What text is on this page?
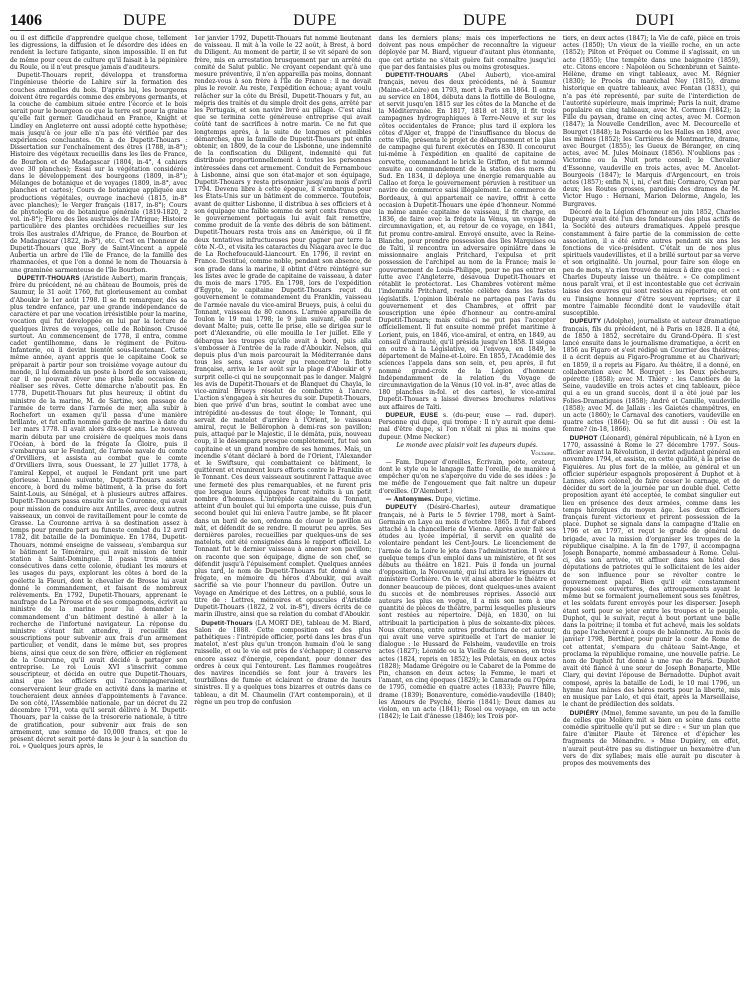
1406	DUPE	DUPE	DUPE	DUPI

ou il est difficile d'apprendre quelque chose, tellement les digressions, la diffusion et le désordre des idées en rendent la lecture fatigante, sinon impossible. Il en fut de même pour ceux de culture qu'il faisait à la pépinière du Roule, ou il n'eut presque jamais d'auditeurs.

Dupetit-Thouars reprit, développa et transforma l'ingénieuse théorie de Lahire sur la formation des couches annuelles du bois. D'après lui, les bourgeons doivent être regardés comme des embryons germants, et la couche de cambium située entre l'écorce et le bois serait pour le bourgeon ce que la terre est pour la graine qu'elle fait germer. Gaudichaud en France, Knight et Lindley en Angleterre ont aussi adopté cette hypothèse; mais jusqu'à ce jour elle n'a pas été vérifiée par des expériences concluantes. On a de Dupetit-Thouars : Dissertation sur l'enchaînement des êtres (1788, in-8°); Histoire des végétaux recueillis dans les îles de France, de Bourbon et de Madagascar (1804, in-4°, 4 cahiers avec 30 planches); Essai sur la végétation considérée dans le développement des bourgeons (1809, in-8°); Mélanges de botanique et de voyages (1809, in-8°, avec planches et cartes); Cours de botanique appliquée aux productions végétales, ouvrage inachevé (1815, in-8° avec planches); le Verger français (1817, in-8°); Cours de phytologie ou de botanique générale (1819-1820, 2 vol. in-8°); Flore des îles australes de l'Afrique; Histoire particulière des plantes orchidées recueillies sur les trois îles australes d'Afrique, de France, de Bourbon et de Madagascar (1822, in-8°), etc. C'est en l'honneur de Dupetit-Thouars que Bory de Saint-Vincent a appelé Aubertia un arbre de l'île de France, de la famille des rhamnacées, et que l'on a donné le nom de Thouarsia à une graminée sarmenteuse de l'île Bourbon.

DUPETIT-THOUARS (Aristide Aubert), marin français, frère du précédent, né au château de Boumois, près de Saumur, le 31 août 1760, fut glorieusement au combat d'Aboukir le 1er août 1798. Il se fit remarquer, dès sa plus tendre enfance, par une grande indépendance de caractère et par une vocation irrésistible pour la marine, vocation qui fut développée en lui par la lecture de quelques livres de voyages, celle de Robinson Crusoé surtout. Au commencement de 1778, il entra, comme cadet gentilhomme, dans le régiment de Poitou-Infanterie, où il devint bientôt sous-lieutenant. Cette même année, ayant appris que le capitaine Cook se préparait à partir pour son troisième voyage autour du monde, il lui demanda un poste à bord de son vaisseau, car il ne pouvait rêver une plus belle occasion de réaliser ses rêves. Cette démarche n'aboutit pas. En 1778, Dupetit-Thouars fut plus heureux; il obtint du ministre de la marine, M. de Sartine, son passage de l'armée de terre dans l'armée de mer, alla subir à Rochefort un examen qu'il passa d'une manière brillante, et fut enfin nommé garde de marine à date du 1er mars 1778. Il avait alors dix-sept ans. Le nouveau marin débuta par une croisière de quelques mois dans l'Océan, à bord de la frégate la Gloire, puis il s'embarqua sur le Fendant, de l'armée navale du comte d'Orvilliers, et assista au combat que le comte d'Orvilliers livra, sous Ouessant, le 27 juillet 1778, à l'amiral Keppel, et auquel le Fendant prit une part glorieuse. L'année suivante, Dupetit-Thouars assista encore, à bord du même bâtiment, à la prise du fort Saint-Louis, au Sénégal, et à plusieurs autres affaires. Dupetit-Thouars passa ensuite sur la Couronne, qui avait pour mission de conduire aux Antilles, avec deux autres vaisseaux, un convoi de ravitaillement pour le comte de Grasse. La Couronne arriva à sa destination assez à temps pour prendre part au funeste combat du 12 avril 1782, dit bataille de la Dominique. En 1784, Dupetit-Thouars, nommé enseigne de vaisseau, s'embarqua sur le bâtiment le Téméraire, qui avait mission de tenir station à Saint-Domingue. Il passa trois années consécutives dans cette colonie, étudiant les mœurs et les usages du pays, explorant les côtes à bord de la goélette la Fleuri, dont le chevalier de Brosse lui avait donné le commandement, et faisant de nombreux relèvements. En 1792, Dupetit-Thouars, apprenant le naufrage de La Pérouse et de ses compagnons, écrivit au ministre de la marine pour lui demander le commandement d'un bâtiment destiné à aller à la recherche de l'infortuné navigateur. La réponse du ministre s'étant fait attendre, il recueillit des souscriptions pour subvenir aux frais d'un armement particulier, et vendit, dans le même but, ses propres biens, ainsi que ceux de son frère, officier en réglement de la Couronne, qu'il avait décidé à partager son entreprise. Le roi Louis XVI s'inscrivit comme souscripteur, et décida en outre que Dupetit-Thouars, ainsi que les officiers qui l'accompagneraient, conserveraient leur grade en activité dans la marine et toucheraient deux années d'appointements à l'avance. De son côté, l'Assemblée nationale, par un décret du 22 décembre 1791, vota qu'il serait délivré à M. Dupetit-Thouars, par la caisse de la trésorerie nationale, à titre de gratification, pour subvenir aux frais de son armement, une somme de 10,000 francs, et que le présent décret serait porté dans le jour à la sanction du roi. » Quelques jours après, le

1er janvier 1792, Dupetit-Thouars fut nommé lieutenant de vaisseau. Il mit à la voile le 22 août, à Brest, à bord du Diligent. Au moment de partir, il se vit séparé de son frère, mis en arrestation brusquement par un arrêté du comité de Salut public. Ne croyant cependant qu'à une mesure préventive, il n'en appareilla pas moins, donnant rendez-vous à son frère à l'île de France : il ne devait plus le revoir. Au reste, l'expédition échoua; ayant voulu relâcher sur la côte du Brésil, Dupetit-Thouars y fut, au mépris des traités et du simple droit des gens, arrêté par les Portugais, et son navire livré au pillage. C'est ainsi que se termina cette généreuse entreprise qui avait coûté tant de sacrifices à notre marin. Ce ne fut que longtemps après, à la suite de longues et pénibles démarches, que la famille de Dupetit-Thouars put enfin obtenir, en 1809, de la cour de Lisbonne, une indemnité de la confiscation du Diligent, indemnité qui fut distribuée proportionnellement à toutes les personnes intéressées dans cet armement. Conduit de Fernambouc à Lisbonne, ainsi que son état-major et son équipage, Dupetit-Thouars y resta prisonnier jusqu'au mois d'avril 1794. Devenu libre à cette époque, il s'embarqua pour les États-Unis sur un bâtiment de commerce. Toutefois, avant de quitter Lisbonne, il distribua à ses officiers et à son équipage une faible somme de sept cents francs que le gouvernement portugais lui avait fait remettre, comme produit de la vente des débris de son bâtiment. Dupetit-Thouars resta trois ans en Amérique, où il fit deux tentatives infructueuses pour gagner par terre la côte N.-O., et visita les cataractes du Niagara avec le duc de La Rochefoucauld-Liancourt. En 1796, il revint en France. Destitué, comme noble, pendant son absence, de son grade dans la marine, il obtint d'être réintégré sur les listes avec le grade de capitaine de vaisseau, à dater du mois de mars 1795. En 1798, lors de l'expédition d'Égypte, le capitaine Dupetit-Thouars reçut du gouvernement le commandement du Franklin, vaisseau de l'armée navale du vice-amiral Brueys, puis, à celui du Tonnant, vaisseau de 80 canons. L'armée appareilla de Toulon le 19 mai 1798; le 9 juin suivant, elle parut devant Malte; puis, cette île prise, elle se dirigea sur le port d'Alexandrie, où elle mouilla le 1er juillet. Elle y débarqua les troupes qu'elle avait à bord, puis alla s'embosser à l'entrée de la rade d'Aboukir. Nelson, qui depuis plus d'un mois parcourait la Méditerranée dans tous les sens, sans avoir pu rencontrer la flotte française, arriva le 1er août sur la plage d'Aboukir et y surprit celle-ci qui ne soupçonnait pas le danger. Malgré les avis de Dupetit-Thouars et de Blanquet du Chayla, le vice-amiral Brueys résolut de combattre à l'ancre. L'action s'engagea à six heures du soir. Dupetit-Thouars, bien que privé d'un bras, soutint le combat avec une intrépidité au-dessus de tout éloge; le Tonnant, qui servait de matelot d'arrière à l'Orient, le vaisseau amiral, reçut le Bellérophon à demi-ras son pavillon; puis, attaqué par le Majestic, il le démâta, puis, nouveau coup, il le désempara presque complètement, fut tué son capitaine et un grand nombre de ses hommes. Mais, un incendie s'étant déclaré à bord de l'Orient, l'Alexander et le Swiftsure, qui combattaient ce bâtiment, le quittèrent et réunirent leurs efforts contre le Franklin et le Tonnant. Ces deux vaisseaux soutinrent l'attaque avec une fermeté des plus remarquables, et ne furent pris que lorsque leurs équipages furent réduits à un petit nombre d'hommes. L'intrépide capitaine du Tonnant, atteint d'un boulet qui lui emporta une cuisse, puis d'un second boulet qui lui enleva l'autre jambe, se fit placer dans un baril de son, ordonna de clouer le pavillon au mât, et défendit de se rendre. Il mourut peu après. Ses dernières paroles, recueillies par quelques-uns de ses matelots, ont été consignées dans le rapport officiel. Le Tonnant fut le dernier vaisseau à amener son pavillon; on raconte que son équipage, digne de son chef, se défendit jusqu'à l'épuisement complet. Quelques années plus tard, le nom de Dupetit-Thouars fut donné à une frégate, en mémoire du héros d'Aboukir, qui avait sacrifié sa vie pour l'honneur du pavillon. Outre un Voyage en Amérique et des Lettres, on a publié, sous le titre de : Lettres, mémoires et opuscules d'Aristide Dupetit-Thouars (1822, 2 vol. in-8°), divers écrits de ce marin illustre, ainsi que sa relation du combat d'Aboukir.

Dupetit-Thouars (LA MORT DE), tableau de M. Biard, Salon de 1888. Cette composition est des plus pathétiques : l'intrépide officier, porté dans les bras d'un matelot, n'est plus qu'un tronçon humain d'où le sang ruisselle, et ou le vie est près de s'échapper; il conserve encore assez d'énergie, cependant, pour donner des ordres à ceux qui l'entourent. Les flammes rougeâtres des navires incendiés se font jour à travers les tourbillons de fumée et éclairent ce drame de lueurs sinistres. Il y a quelques tons bizarres et outrés dans ce tableau, a dit M. Chaumelin (l'Art contemporain), et il règne un peu trop de confusion

dans les derniers plans; mais ces imperfections ne doivent pas nous empêcher de reconnaître la vigueur déployée par M. Biard, vigueur d'autant plus étonnante, que cet artiste ne s'était guère fait connaître jusqu'ici que par des fantaisies plus ou moins grotesques.

DUPETIT-THOUARS (Abel Aubert), vice-amiral français, neveu des deux précédents, né à Saumur (Maine-et-Loire) en 1793, mort à Paris en 1864. Il entra au service en 1804, débuta dans la flottille de Boulogne, et servit jusqu'en 1815 sur les côtes de la Manche et de la Méditerranée. En 1817, 1818 et 1819, il fit trois campagnes hydrographiques à Terre-Neuve et sur les côtes occidentales de France; plus tard il explora les côtes d'Alger et, frappé de l'insuffisance du blocus de cette ville, présenta le projet de débarquement et le plan de campagne qui furent exécutés en 1830. Il concourut lui-même à l'expédition en qualité de capitaine de corvette, commandant le brick le Griffon, et fut nommé ensuite au commandement de la station des mers du Sud. En 1834, il déploya une énergie remarquable au Callao et força le gouvernement péruvien à restituer un navire de commerce saisi illégalement. Le commerce de Bordeaux, à qui appartenait ce navire, offrit à cette occasion à Dupetit-Thouars une épée d'honneur. Nommé la même année capitaine de vaisseau, il fit charge, en 1836, de faire avec la frégate la Vénus, un voyage de circumnavigation, et, au retour de ce voyage, en 1841, fut promu contre-amiral. Envoyé ensuite, avec la Reine-Blanche, pour prendre possession des îles Marquises ou de Taïti, il rencontra un adversaire opiniâtre dans le missionnaire anglais Pritchard, l'expulsa et prit possession de l'archipel au nom de la France; mais le gouvernement de Louis-Philippe, pour ne pas entrer en lutte avec l'Angleterre, désavoua Dupetit-Thouars et rétablit le protectorat. Les Chambres votèrent même l'indemnité Pritchard, restée célèbre dans les fastes législatifs. L'opinion libérale ne partagea pas l'avis du gouvernement et des Chambres, et offrit par souscription une épée d'honneur au contre-amiral Dupetit-Thouars; mais celui-ci ne put pas l'accepter officiellement. Il fut ensuite nommé préfet maritime à Lorient, puis, en 1846, vice-amiral, et entra, en 1849, au conseil d'amirauté, qu'il présida jusqu'en 1858. Il siégea en outre à la Législative, où l'envoya, en 1849, le département de Maine-et-Loire. En 1855, l'Académie des sciences l'appela dans son sein, et, peu après, il fut nommé grand-croix de la Légion d'honneur. Indépendamment de la relation du Voyage de circumnavigation de la Vénus (10 vol. in-8°, avec atlas de 180 planches in-fol. et des cartes), le vice-amiral Dupetit-Thouars a laissé diverses brochures relatives aux affaires de Taïti.

DUPEUR, EUSE s. (du-peur, euse — rad. duper). Personne qui dupe, qui trompe : Il n'y aurait que demi-mal d'être dupe, si l'on n'était ni plus ni moins que dupeur. (Mme Necker.)

Le monde avec plaisir voit les dupeurs dupés.

Voltaire.

— Fam. Dupeur d'oreilles, Écrivain, poète, orateur, dont le style ou le langage flatte l'oreille, de manière à empêcher qu'on ne s'aperçoive du vide de ses idées : Je me méfie de l'engouement que fait naître un dupeur d'oreilles. (D'Alembert.)

— Antonymes. Dupe, victime.

DUPEUTY (Désiré-Charles), auteur dramatique français, né à Paris le 5 février 1798, mort à Saint-Germain en Laye au mois d'octobre 1865. Il fut d'abord attaché à la chancellerie de Vienne. Après avoir fait ses études au lycée impérial, il servit en qualité de volontaire pendant les Cent-Jours. Le licenciement de l'armée de la Loire le jeta dans l'administration. Il vécut quelque temps d'un emploi dans un ministère, et fit ses débuts au théâtre en 1821. Puis il fonda un journal d'opposition, la Nouveauté, qui lui attira les rigueurs du ministère Corbière. On le vit ainsi aborder le théâtre et donner beaucoup de pièces, dont quelques-unes avaient du succès et de nombreuses reprises. Associé aux auteurs les plus en vogue, il a mis son nom à une quantité de pièces de théâtre, parmi lesquelles plusieurs sont restées au répertoire. Déjà, en 1830, on lui attribuait la participation à plus de soixante-dix pièces. Nous citerons, entre autres productions de cet auteur, qui avait une verve spirituelle et l'art de manier le dialogue : le Hussard de Felsheim, vaudeville en trois actes (1827); Léonide ou la Vieille de Suresnes, en trois actes (1824, repris en 1852); les Poletais, en deux actes (1828); Madame Grégoire ou le Cabaret de la Pomme de Pin, chanson en deux actes; la Femme, le mari et l'amant, en cinq époques (1829); le Camarade ou l'Opéra de 1795, comédie en quatre actes (1833); Pauvre fille, drame (1839); Bonaventure, comédie-vaudeville (1840); les Amours de Psyché, féerie (1841); Deux dames au violon, en un acte (1841); Rosel ou voyage, en un acte (1842); le Lait d'ânesse (1846); les Trois por-

tiers, en deux actes (1847); la Vie de café, pièce en trois actes (1850); Un vieux de la vieille roche, en un acte (1852); Pilton et Fréquet ou Comme il s'agissait, en un acte (1855); Une tempête dans une baignoire (1859), etc. Citons encore : Napoléon ou Schœnbrunn et Sainte-Hélène, drame en vingt tableaux, avec M. Régnier (1830); le Procès du maréchal Ney (1815), drame historique en quatre tableaux, avec Fontan (1831), qui n'a pas été représenté, par suite de l'interdiction de l'autorité supérieure, mais imprimé; Paris la nuit, drame populaire en cinq tableaux, avec M. Cormon (1842); la Fille du paysan, drame en cinq actes, avec M. Cormon (1847); la Nouvelle Cendrillon, avec M. Decourcelle et Bourget (1848); la Poissarde ou les Halles en 1804, avec les mêmes (1852); les Carrières de Montmartre, drame, avec Bourget (1855); les Gueux de Béranger, en cinq actes, avec M. Jules Moinaux (1856). N'oublions pas : Victorine ou la Nuit porte conseil; le Chevalier d'Essonne, vaudeville en trois actes, avec M. Ancelot-Bourgeois (1847); le Marquis d'Argencourt, en trois actes (1857); enfin N, i, ni, c'est fini; Cormaro, Cyran par deux; les Routes grosses, parodies des drames de M. Victor Hugo : Hernani, Marion Delorme, Angelo, les Burgraves.

Décoré de la Légion d'honneur en juin 1852, Charles Dupeuty avait été l'un des fondateurs des plus actifs de la Société des auteurs dramatiques. Appelé presque constamment à faire partie de la commission de cette association, il a été entre autres pendant six ans les fonctions de vice-président. C'était un de nos plus spirituels vaudevillistes, et il a brillé surtout par sa verve et son originalité. Un journal, pour faire son éloge en peu de mots, n'a rien trouvé de mieux à dire que ceci : « Charles Dupeuty laisse un théâtre. » Ce compliment nous paraît vrai, et il est incontestable que cet écrivain laisse des œuvres qui sont restées au répertoire, et ont eu l'insigne honneur d'être souvent reprises; car il montre l'aimable fécondité dont le vaudeville était susceptible.

DUPEUTY (Adolphe), journaliste et auteur dramatique français, fils du précédent, né à Paris en 1828. Il a été, de 1850 à 1852, secrétaire du Grand-Opéra. Il s'est lancé ensuite dans le journalisme dramatique, a écrit en 1856 au Figaro et s'est rédigé un Courrier des théâtres; il a écrit depuis au Figaro-Programme et au Charivari; en 1859, il a repris au Figaro. Au théâtre, il a donné, en collaboration avec M. Bourget : les Deux pêcheurs, opérette (1858); avec M. Thiéry : les Canotiers de la Seine, vaudeville en trois actes et cinq tableaux, pièce qui a eu un grand succès, dont il a été joué par les Folies-Dramatiques (1858); André et Camille, vaudeville (1858); avec M. de Jallais : les Gaietés champêtres, en un acte (1860); le Carnaval des canotiers, vaudeville en quatre actes (1864); Où se fut dit aussi : Où est la femme? (in-18, 1866).

DUPHOT (Léonard), général républicain, né à Lyon en 1770, assassiné à Rome le 27 décembre 1797. Sous-officier avant la Révolution, il devint adjudant général en novembre 1794, et assista, en cette qualité, à la prise de Figuières. Au plus fort de la mêlée, au général et un officier supérieur espagnols proposèrent à Duphot et à Lannes, alors colonel, de faire cesser le carnage, et de décider du sort de la journée par un double duel. Cette proposition ayant été acceptée, le combat singulier eut lieu en présence des deux armées, comme dans les temps héroïques du moyen âge. Les deux officiers français furent victorieux et prirent possession de la place. Duphot se signala dans la campagne d'Italie en 1796 et en 1797, et reçut le grade de général de brigade, avec la mission d'organiser les troupes de la république cisalpine. A la fin de 1797, il accompagna Joseph Bonaparte, nommé ambassadeur à Rome. Celui-ci, dès son arrivée, vit affluer dans son hôtel des députations de patriotes qui le sollicitaient de les aider de son influence pour se révolter contre le gouvernement papal. Bien qu'il eût constamment repoussé ces ouvertures, des attroupements ayant le même but se formaient journellement sous ses fenêtres, et les soldats furent envoyés pour les disperser. Joseph étant sorti pour se jeter entre les troupes et le peuple, Duphot, qui le suivait, reçut à bout portant une balle dans la poitrine; il tomba et fut achevé, mais les soldats du pape l'achevèrent à coups de baïonnette. Au mois de janvier 1798, Berthier, pour punir la cour de Rome de cet attentat, s'empara du château Saint-Ange, et proclama la république romaine, une nouvelle patrie. Le nom de Duphot fut donné à une rue de Paris. Duphot avait été fiancé à une sœur de Joseph Bonaparte, Mlle Clary, qui devint l'épouse de Bernadotte. Duphot avait composé, après la bataille de Lodi, le 10 mai 1796, un hymne Aux mânes des héros morts pour la liberté, mis en musique par Lalo, et qui était, après la Marseillaise, le chant de prédilection des soldats.

DUPIÉRY (Mme), femme savante, un peu de la famille de celles que Molière mit si bien en scène dans cette comédie spirituelle qu'il put se dire : « Sur un plan que faire d'imiter Plaute et Térence et d'épicher les fragments de Ménandre. » Mme Dupiéry, en effet, n'aurait peut-être pas su distinguer un hexamètre d'un vers de dix syllabes; mais elle aurait pu discuter à propos des mouvements des
